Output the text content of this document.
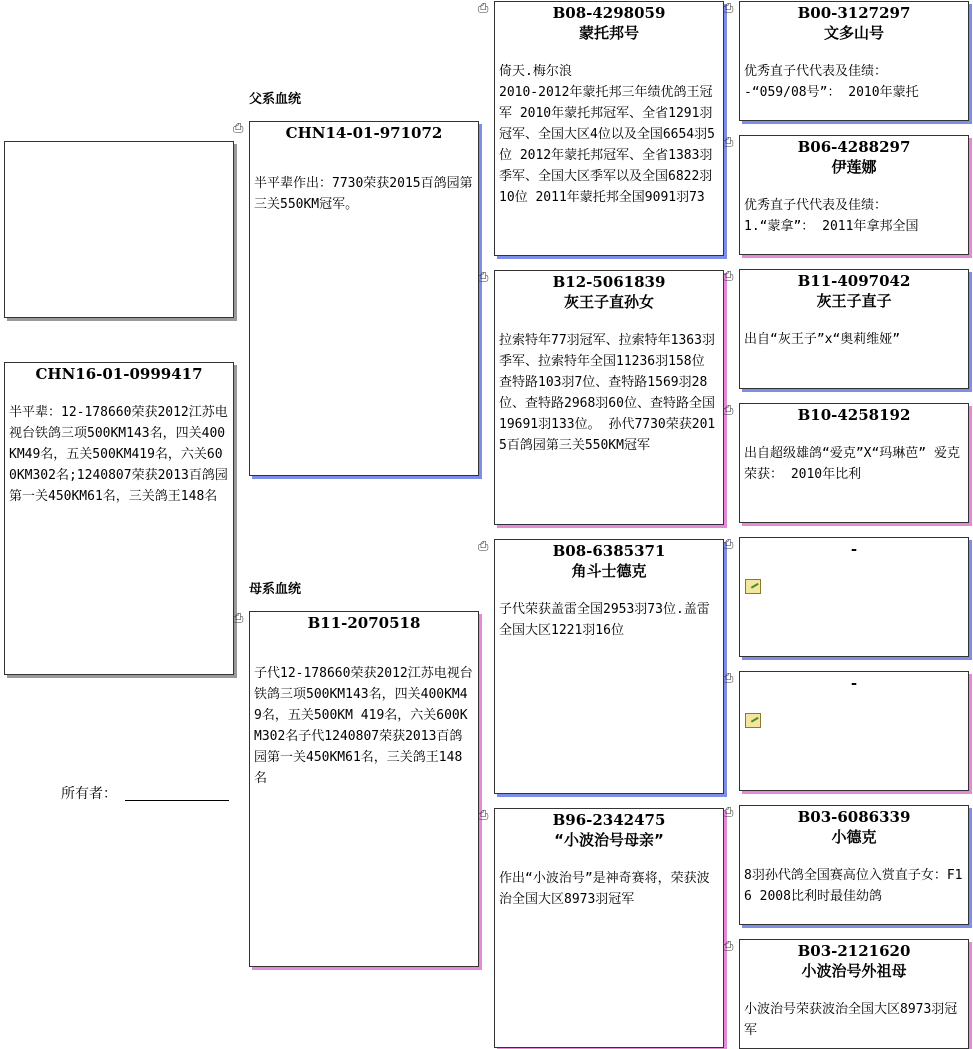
CHN16-01-0999417
半平辈：12-178660荣获2012江苏电视台铁鸽三项500KM143名，四关400KM49名，五关500KM419名，六关600KM302名;1240807荣获2013百鸽园第一关450KM61名，三关鸽王148名
所有者：
父系血统
⎙	CHN14-01-971072
半平辈作出：7730荣获2015百鸽园第三关550KM冠军。
母系血统
⎙	B11-2070518
子代12-178660荣获2012江苏电视台铁鸽三项500KM143名，四关400KM49名，五关500KM 419名，六关600KM302名子代1240807荣获2013百鸽园第一关450KM61名，三关鸽王148名
⎙	B08-4298059
蒙托邦号
倚天.梅尔浪
2010-2012年蒙托邦三年绩优鸽王冠军 2010年蒙托邦冠军、全省1291羽冠军、全国大区4位以及全国6654羽5位 2012年蒙托邦冠军、全省1383羽季军、全国大区季军以及全国6822羽10位 2011年蒙托邦全国9091羽73
⎙	B12-5061839
灰王子直孙女
拉索特年77羽冠军、拉索特年1363羽季军、拉索特年全国11236羽158位 查特路103羽7位、查特路1569羽28位、查特路2968羽60位、查特路全国19691羽133位。 孙代7730荣获2015百鸽园第三关550KM冠军
⎙	B08-6385371
角斗士德克
子代荣获盖雷全国2953羽73位.盖雷全国大区1221羽16位
⎙	B96-2342475
“小波治号母亲”
作出“小波治号”是神奇赛将，荣获波治全国大区8973羽冠军
⎙	B00-3127297
文多山号
优秀直子代代表及佳绩：
-“059/08号”： 2010年蒙托
⎙	B06-4288297
伊莲娜
优秀直子代代表及佳绩：
1.“蒙拿”： 2011年拿邦全国
⎙	B11-4097042
灰王子直子
出自“灰王子”x“奥莉维娅”
⎙	B10-4258192
出自超级雄鸽“爱克”X“玛琳芭” 爱克荣获： 2010年比利
⎙	-
⎙	-
⎙	B03-6086339
小德克
8羽孙代鸽全国赛高位入赏直子女：F16 2008比利时最佳幼鸽
⎙	B03-2121620
小波治号外祖母
小波治号荣获波治全国大区8973羽冠军
